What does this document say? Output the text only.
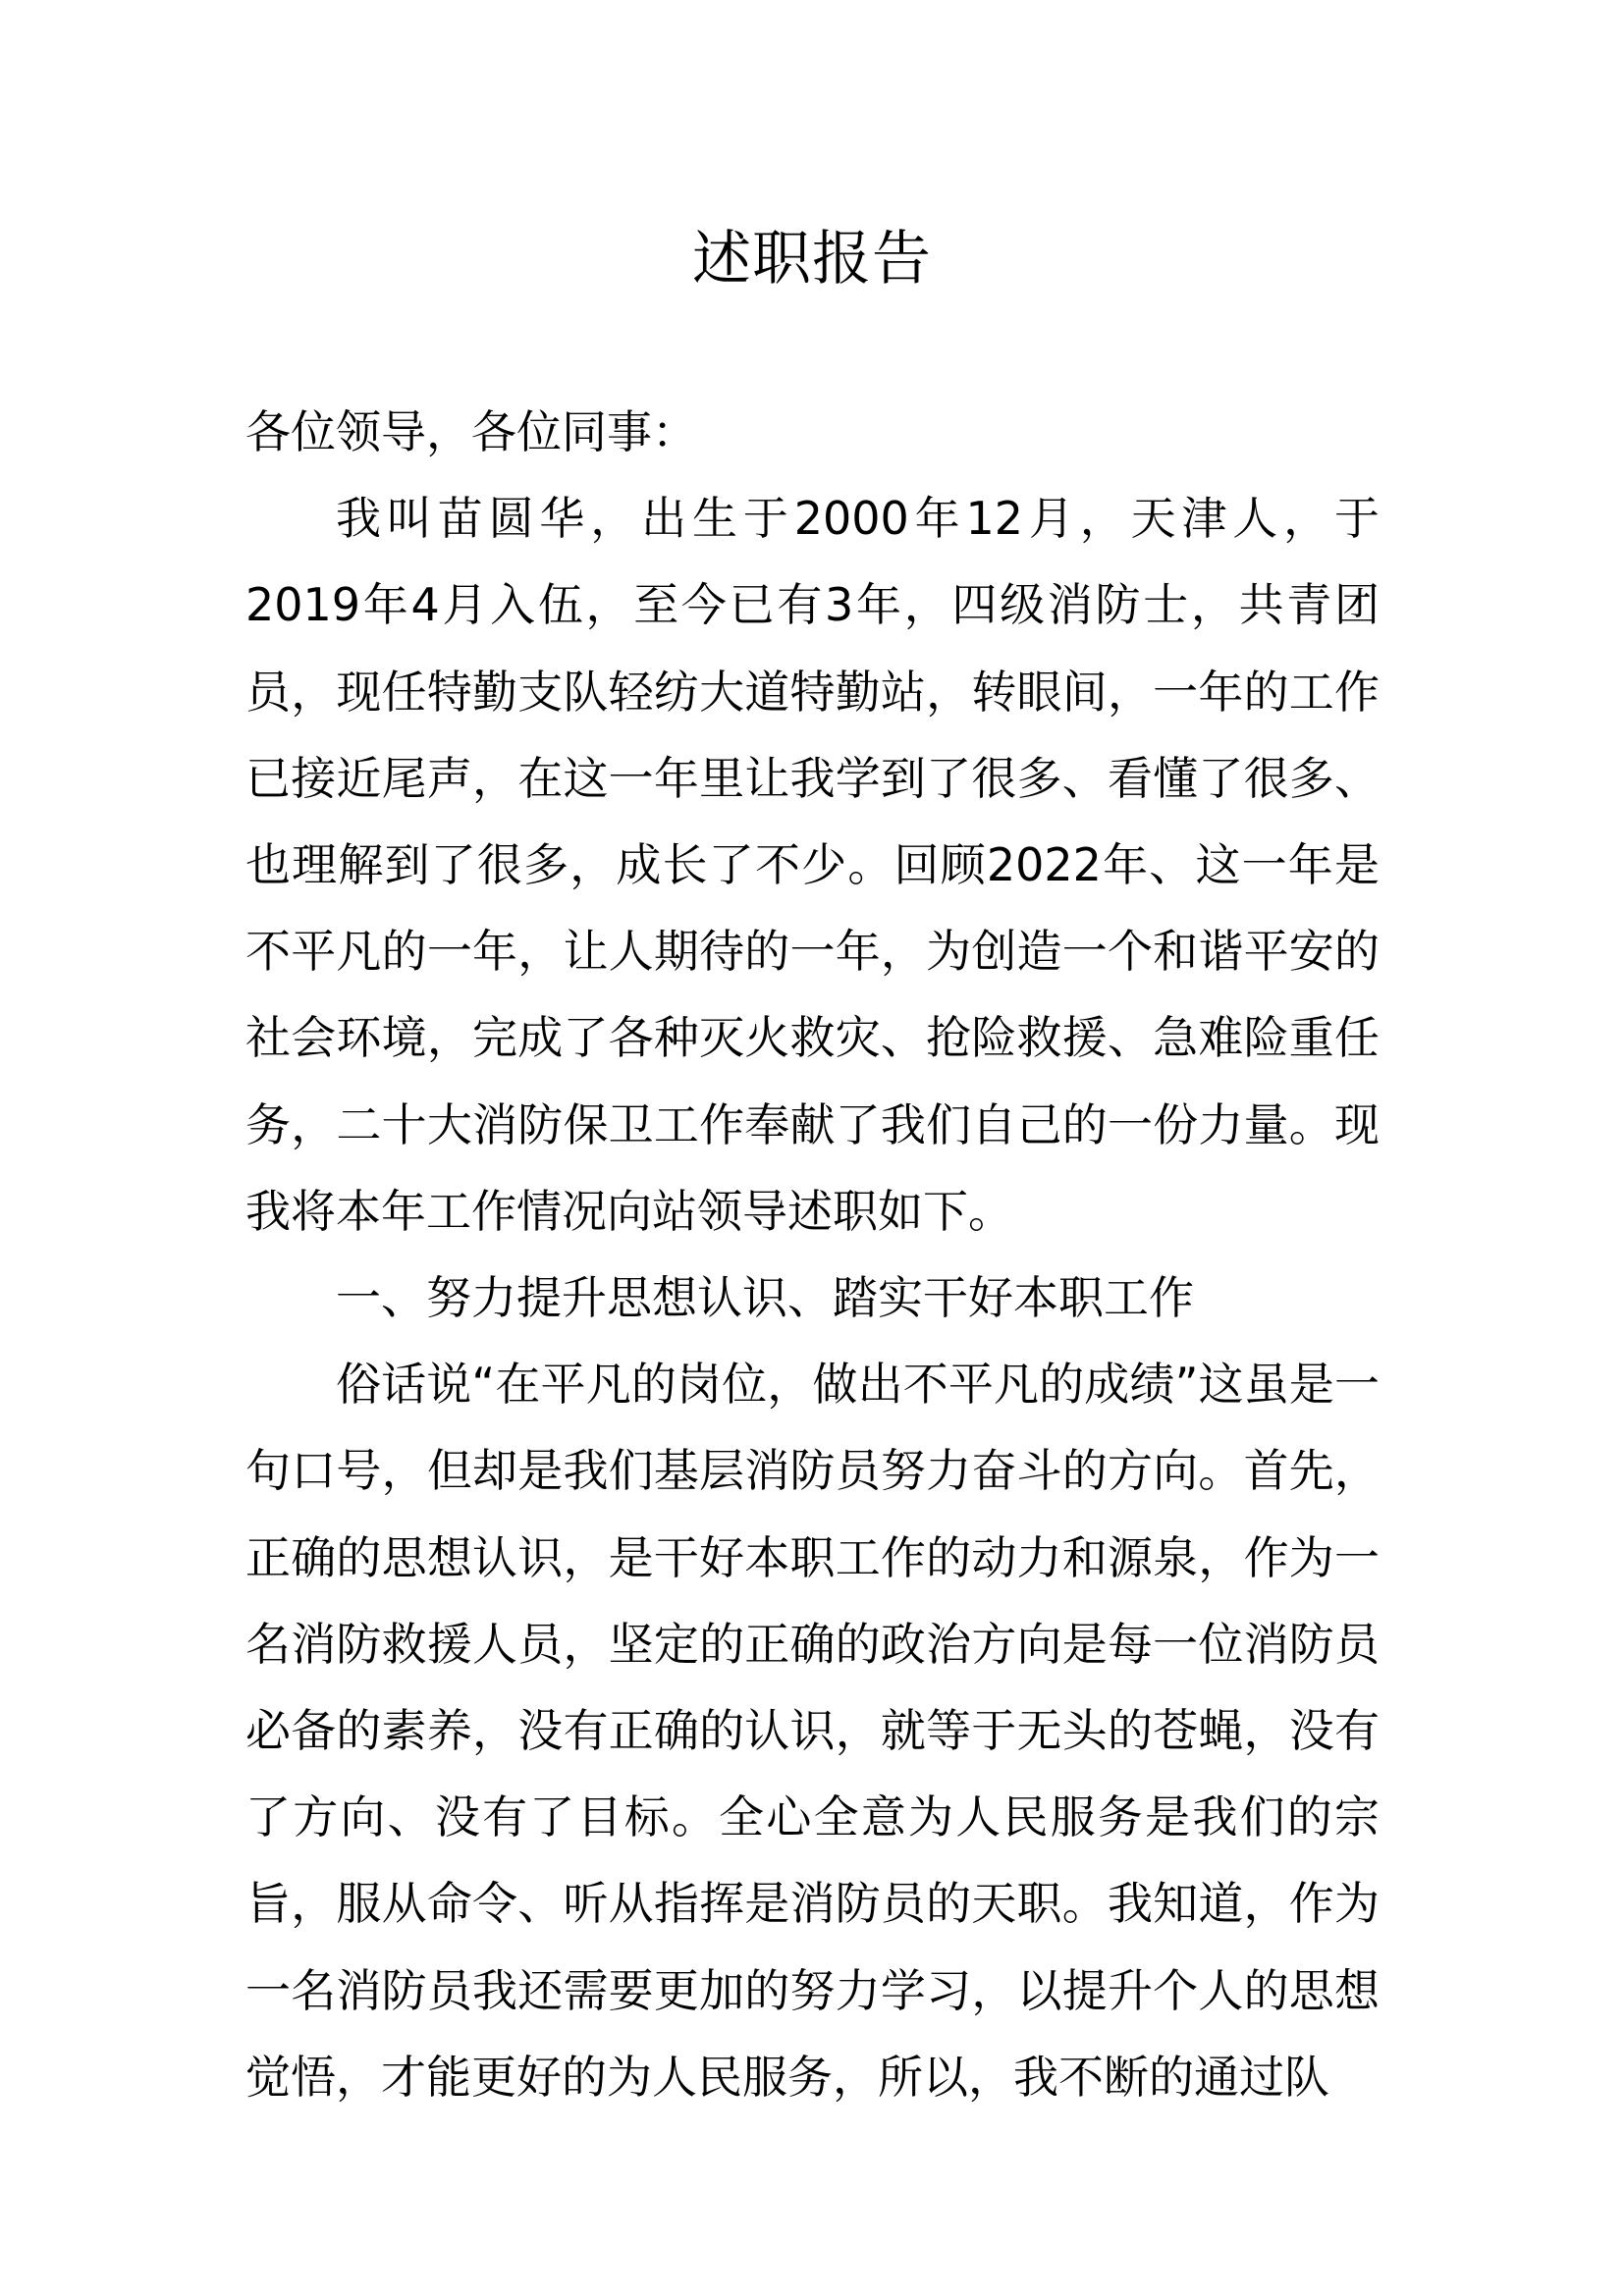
述职报告

各位领导，各位同事：

我叫苗圆华，出生于2000年12月，天津人，于2019年4月入伍，至今已有3年，四级消防士，共青团员，现任特勤支队轻纺大道特勤站，转眼间，一年的工作已接近尾声，在这一年里让我学到了很多、看懂了很多、也理解到了很多，成长了不少。回顾2022年、这一年是不平凡的一年，让人期待的一年，为创造一个和谐平安的社会环境，完成了各种灭火救灾、抢险救援、急难险重任务，二十大消防保卫工作奉献了我们自己的一份力量。现我将本年工作情况向站领导述职如下。

一、努力提升思想认识、踏实干好本职工作

俗话说“在平凡的岗位，做出不平凡的成绩”这虽是一句口号，但却是我们基层消防员努力奋斗的方向。首先，正确的思想认识，是干好本职工作的动力和源泉，作为一名消防救援人员，坚定的正确的政治方向是每一位消防员必备的素养，没有正确的认识，就等于无头的苍蝇，没有了方向、没有了目标。全心全意为人民服务是我们的宗旨，服从命令、听从指挥是消防员的天职。我知道，作为一名消防员我还需要更加的努力学习，以提升个人的思想觉悟，才能更好的为人民服务，所以，我不断的通过队
